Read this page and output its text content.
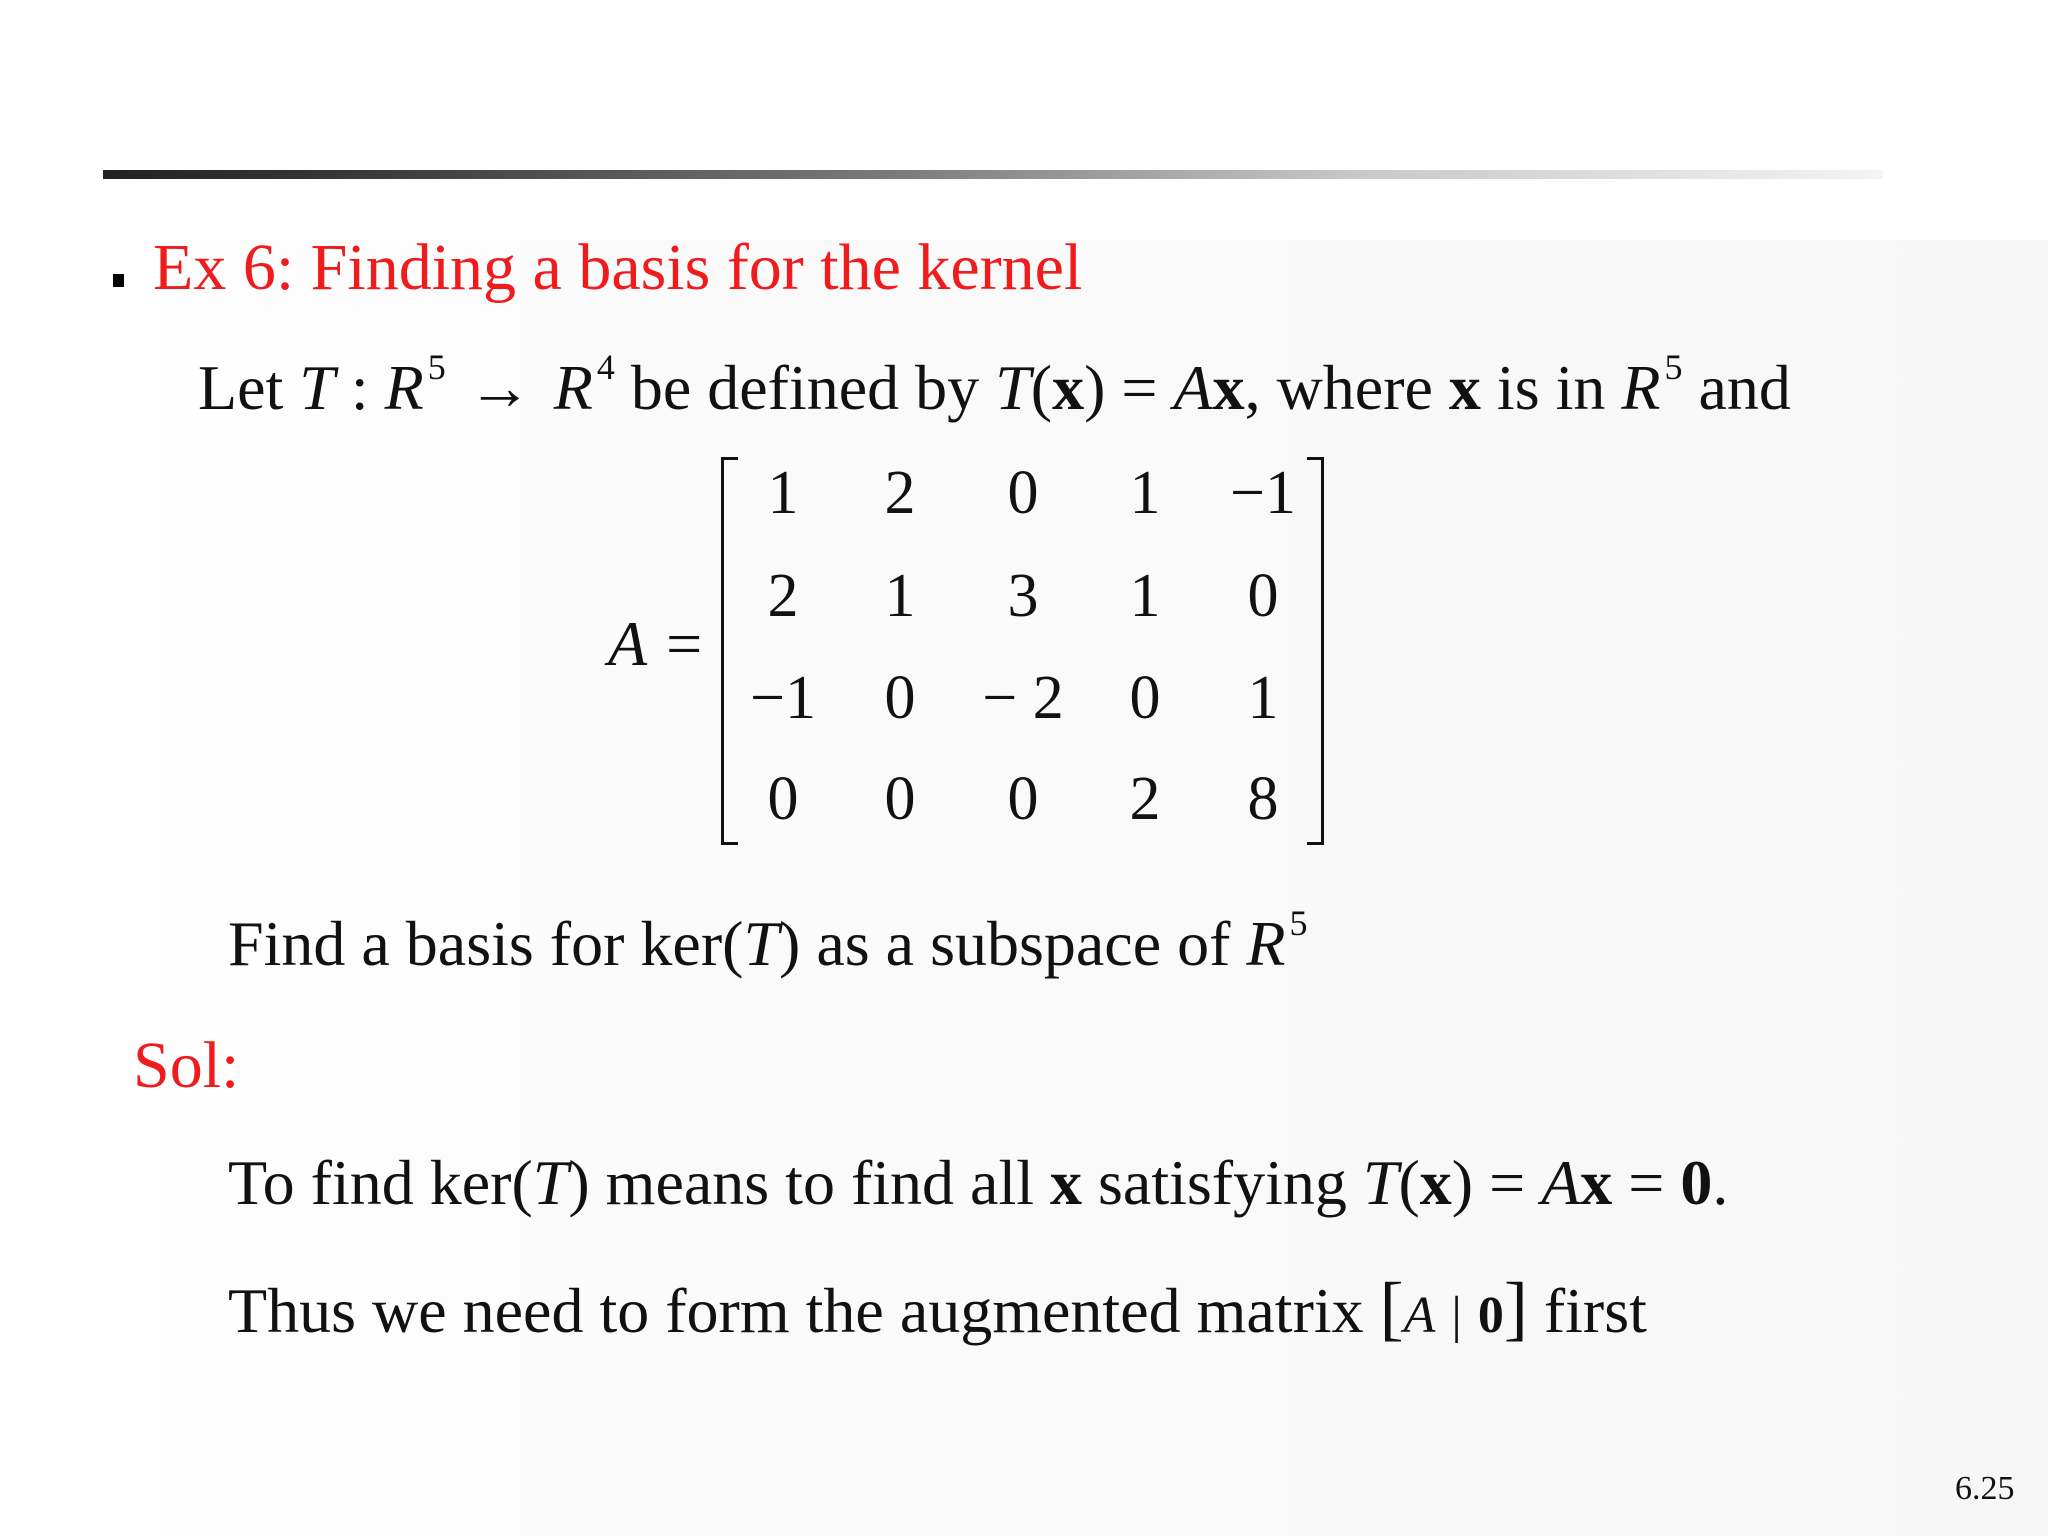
Ex 6: Finding a basis for the kernel
Let T : R $^5$ → R $^4$ be defined by T(x) = Ax, where x is in R $^5$ and
A =
1	2	0	1	−1
2	1	3	1	0
−1	0	− 2	0	1
0	0	0	2	8
Find a basis for ker(T) as a subspace of R $^5$
Sol:
To find ker(T) means to find all x satisfying T(x) = Ax = 0.
Thus we need to form the augmented matrix [A | 0] first
6.25
